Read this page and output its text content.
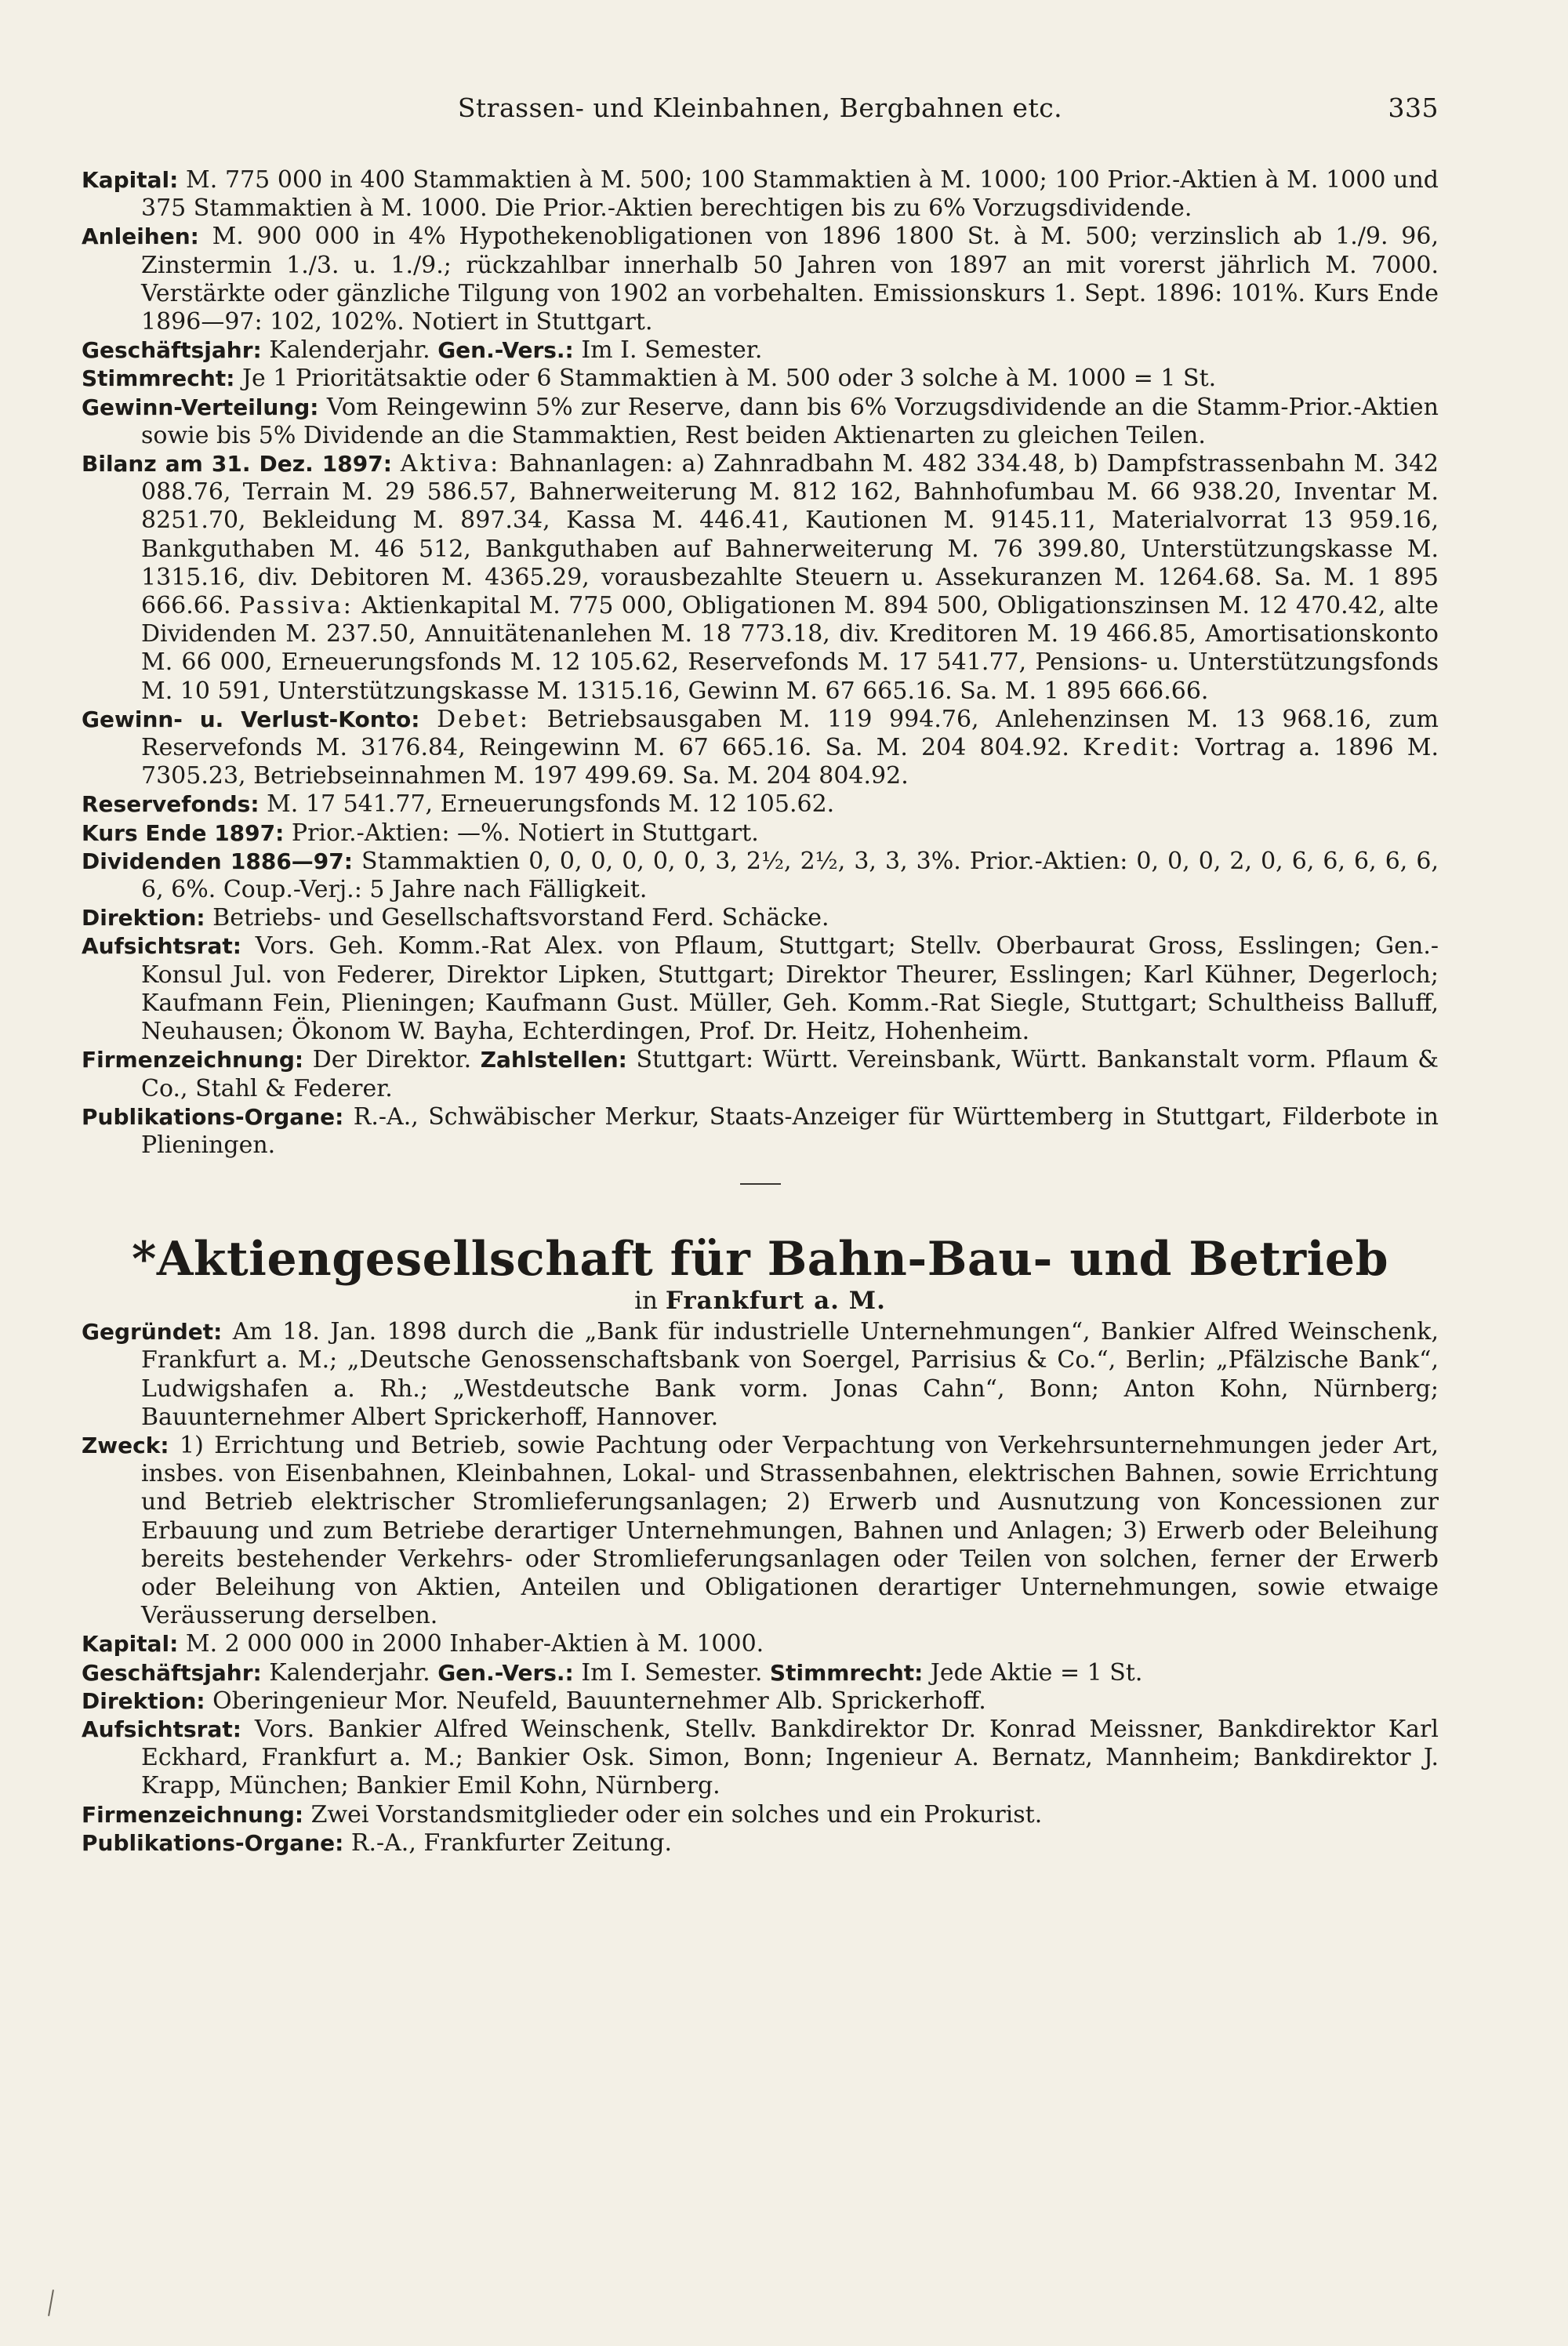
Strassen- und Kleinbahnen, Bergbahnen etc.	335

Kapital: M. 775 000 in 400 Stammaktien à M. 500; 100 Stammaktien à M. 1000; 100 Prior.-Aktien à M. 1000 und 375 Stammaktien à M. 1000. Die Prior.-Aktien berechtigen bis zu 6% Vorzugsdividende.

Anleihen: M. 900 000 in 4% Hypothekenobligationen von 1896 1800 St. à M. 500; verzinslich ab 1./9. 96, Zinstermin 1./3. u. 1./9.; rückzahlbar innerhalb 50 Jahren von 1897 an mit vorerst jährlich M. 7000. Verstärkte oder gänzliche Tilgung von 1902 an vorbehalten. Emissionskurs 1. Sept. 1896: 101%. Kurs Ende 1896—97: 102, 102%. Notiert in Stuttgart.

Geschäftsjahr: Kalenderjahr. Gen.-Vers.: Im I. Semester.

Stimmrecht: Je 1 Prioritätsaktie oder 6 Stammaktien à M. 500 oder 3 solche à M. 1000 = 1 St.

Gewinn-Verteilung: Vom Reingewinn 5% zur Reserve, dann bis 6% Vorzugsdividende an die Stamm-Prior.-Aktien sowie bis 5% Dividende an die Stammaktien, Rest beiden Aktienarten zu gleichen Teilen.

Bilanz am 31. Dez. 1897: Aktiva: Bahnanlagen: a) Zahnradbahn M. 482 334.48, b) Dampfstrassenbahn M. 342 088.76, Terrain M. 29 586.57, Bahnerweiterung M. 812 162, Bahnhofumbau M. 66 938.20, Inventar M. 8251.70, Bekleidung M. 897.34, Kassa M. 446.41, Kautionen M. 9145.11, Materialvorrat 13 959.16, Bankguthaben M. 46 512, Bankguthaben auf Bahnerweiterung M. 76 399.80, Unterstützungskasse M. 1315.16, div. Debitoren M. 4365.29, vorausbezahlte Steuern u. Assekuranzen M. 1264.68. Sa. M. 1 895 666.66. Passiva: Aktienkapital M. 775 000, Obligationen M. 894 500, Obligationszinsen M. 12 470.42, alte Dividenden M. 237.50, Annuitätenanlehen M. 18 773.18, div. Kreditoren M. 19 466.85, Amortisationskonto M. 66 000, Erneuerungsfonds M. 12 105.62, Reservefonds M. 17 541.77, Pensions- u. Unterstützungsfonds M. 10 591, Unterstützungskasse M. 1315.16, Gewinn M. 67 665.16. Sa. M. 1 895 666.66.

Gewinn- u. Verlust-Konto: Debet: Betriebsausgaben M. 119 994.76, Anlehenzinsen M. 13 968.16, zum Reservefonds M. 3176.84, Reingewinn M. 67 665.16. Sa. M. 204 804.92. Kredit: Vortrag a. 1896 M. 7305.23, Betriebseinnahmen M. 197 499.69. Sa. M. 204 804.92.

Reservefonds: M. 17 541.77, Erneuerungsfonds M. 12 105.62.

Kurs Ende 1897: Prior.-Aktien: —%. Notiert in Stuttgart.

Dividenden 1886—97: Stammaktien 0, 0, 0, 0, 0, 0, 3, 2½, 2½, 3, 3, 3%. Prior.-Aktien: 0, 0, 0, 2, 0, 6, 6, 6, 6, 6, 6, 6%. Coup.-Verj.: 5 Jahre nach Fälligkeit.

Direktion: Betriebs- und Gesellschaftsvorstand Ferd. Schäcke.

Aufsichtsrat: Vors. Geh. Komm.-Rat Alex. von Pflaum, Stuttgart; Stellv. Oberbaurat Gross, Esslingen; Gen.-Konsul Jul. von Federer, Direktor Lipken, Stuttgart; Direktor Theurer, Esslingen; Karl Kühner, Degerloch; Kaufmann Fein, Plieningen; Kaufmann Gust. Müller, Geh. Komm.-Rat Siegle, Stuttgart; Schultheiss Balluff, Neuhausen; Ökonom W. Bayha, Echterdingen, Prof. Dr. Heitz, Hohenheim.

Firmenzeichnung: Der Direktor. Zahlstellen: Stuttgart: Württ. Vereinsbank, Württ. Bankanstalt vorm. Pflaum & Co., Stahl & Federer.

Publikations-Organe: R.-A., Schwäbischer Merkur, Staats-Anzeiger für Württemberg in Stuttgart, Filderbote in Plieningen.

*Aktiengesellschaft für Bahn-Bau- und Betrieb
in Frankfurt a. M.

Gegründet: Am 18. Jan. 1898 durch die „Bank für industrielle Unternehmungen“, Bankier Alfred Weinschenk, Frankfurt a. M.; „Deutsche Genossenschaftsbank von Soergel, Parrisius & Co.“, Berlin; „Pfälzische Bank“, Ludwigshafen a. Rh.; „Westdeutsche Bank vorm. Jonas Cahn“, Bonn; Anton Kohn, Nürnberg; Bauunternehmer Albert Sprickerhoff, Hannover.

Zweck: 1) Errichtung und Betrieb, sowie Pachtung oder Verpachtung von Verkehrsunternehmungen jeder Art, insbes. von Eisenbahnen, Kleinbahnen, Lokal- und Strassenbahnen, elektrischen Bahnen, sowie Errichtung und Betrieb elektrischer Stromlieferungsanlagen; 2) Erwerb und Ausnutzung von Koncessionen zur Erbauung und zum Betriebe derartiger Unternehmungen, Bahnen und Anlagen; 3) Erwerb oder Beleihung bereits bestehender Verkehrs- oder Stromlieferungsanlagen oder Teilen von solchen, ferner der Erwerb oder Beleihung von Aktien, Anteilen und Obligationen derartiger Unternehmungen, sowie etwaige Veräusserung derselben.

Kapital: M. 2 000 000 in 2000 Inhaber-Aktien à M. 1000.

Geschäftsjahr: Kalenderjahr. Gen.-Vers.: Im I. Semester. Stimmrecht: Jede Aktie = 1 St.

Direktion: Oberingenieur Mor. Neufeld, Bauunternehmer Alb. Sprickerhoff.

Aufsichtsrat: Vors. Bankier Alfred Weinschenk, Stellv. Bankdirektor Dr. Konrad Meissner, Bankdirektor Karl Eckhard, Frankfurt a. M.; Bankier Osk. Simon, Bonn; Ingenieur A. Bernatz, Mannheim; Bankdirektor J. Krapp, München; Bankier Emil Kohn, Nürnberg.

Firmenzeichnung: Zwei Vorstandsmitglieder oder ein solches und ein Prokurist.

Publikations-Organe: R.-A., Frankfurter Zeitung.
